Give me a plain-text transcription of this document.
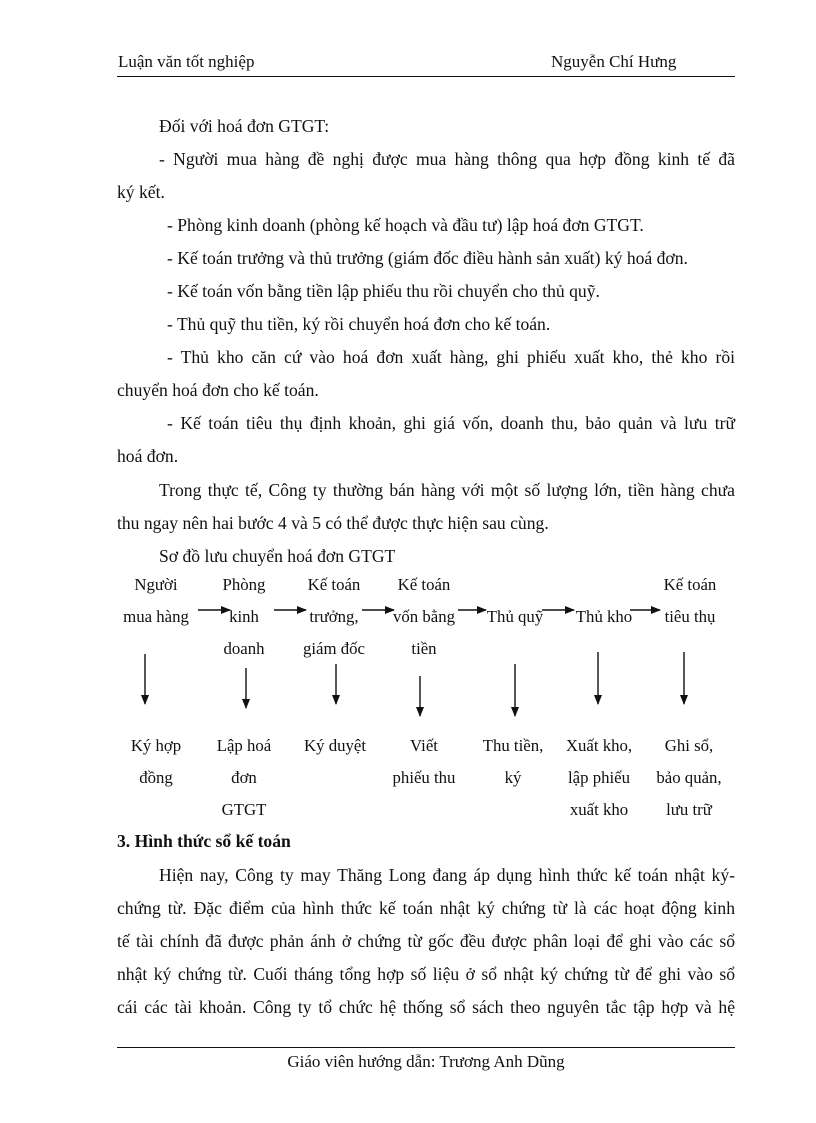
Luận văn tốt nghiệp	Nguyễn Chí Hưng
Đối với hoá đơn GTGT:
- Người mua hàng đề nghị được mua hàng thông qua hợp đồng kinh tế đã
ký kết.
- Phòng kinh doanh (phòng kế hoạch và đầu tư) lập hoá đơn GTGT.
- Kế toán trưởng và thủ trưởng (giám đốc điều hành sản xuất) ký hoá đơn.
- Kế toán vốn bằng tiền lập phiếu thu rồi chuyển cho thủ quỹ.
- Thủ quỹ thu tiền, ký rồi chuyển hoá đơn cho kế toán.
- Thủ kho căn cứ vào hoá đơn xuất hàng, ghi phiếu xuất kho, thẻ kho rồi
chuyển hoá đơn cho kế toán.
- Kế toán tiêu thụ định khoản, ghi giá vốn, doanh thu, bảo quản và lưu trữ
hoá đơn.
Trong thực tế, Công ty thường bán hàng với một số lượng lớn, tiền hàng chưa
thu ngay nên hai bước 4 và 5 có thể được thực hiện sau cùng.
Sơ đồ lưu chuyển hoá đơn GTGT
Người
mua hàng
Phòng
kinh
doanh
Kế toán
trưởng,
giám đốc
Kế toán
vốn bằng
tiền
Thủ quỹ	Thủ kho
Kế toán
tiêu thụ
Ký hợp
đồng
Lập hoá
đơn
GTGT
Ký duyệt	Viết
phiếu thu
Thu tiền,
ký
Xuất kho,
lập phiếu
xuất kho
Ghi sổ,
bảo quản,
lưu trữ
3. Hình thức sổ kế toán
Hiện nay, Công ty may Thăng Long đang áp dụng hình thức kế toán nhật ký-
chứng từ. Đặc điểm của hình thức kế toán nhật ký chứng từ là các hoạt động kinh
tế tài chính đã được phản ánh ở chứng từ gốc đều được phân loại để ghi vào các sổ
nhật ký chứng từ. Cuối tháng tổng hợp số liệu ở sổ nhật ký chứng từ để ghi vào sổ
cái các tài khoản. Công ty tổ chức hệ thống sổ sách theo nguyên tắc tập hợp và hệ
Giáo viên hướng dẫn: Trương Anh Dũng
